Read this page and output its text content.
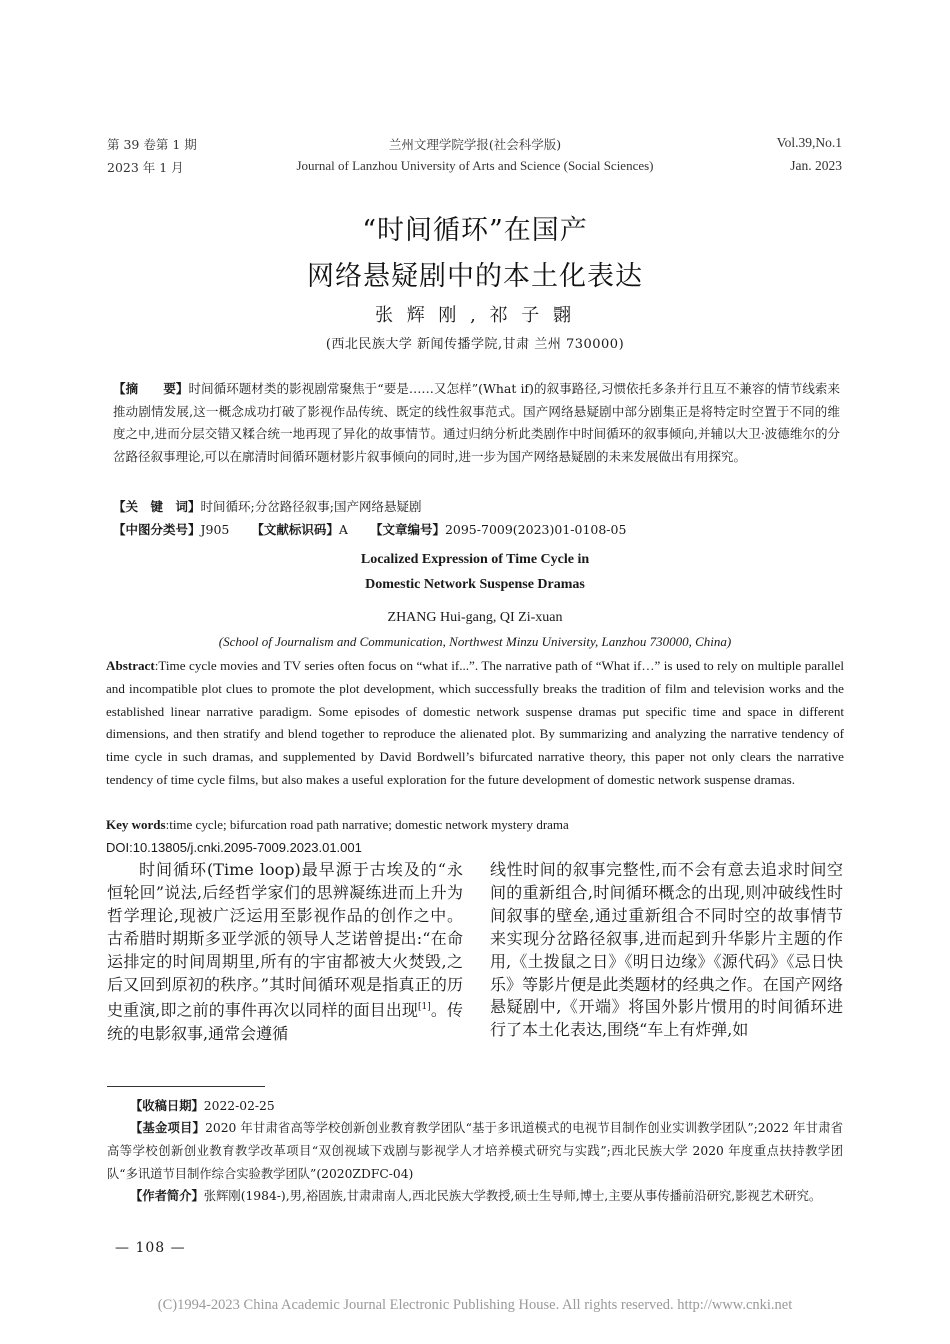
第 39 卷第 1 期
2023 年 1 月
兰州文理学院学报(社会科学版)
Journal of Lanzhou University of Arts and Science (Social Sciences)
Vol.39,No.1
Jan. 2023
“时间循环”在国产
网络悬疑剧中的本土化表达
张 辉 刚 , 祁 子 翾
(西北民族大学 新闻传播学院,甘肃 兰州 730000)
【摘　　要】时间循环题材类的影视剧常聚焦于“要是……又怎样”(What if)的叙事路径,习惯依托多条并行且互不兼容的情节线索来推动剧情发展,这一概念成功打破了影视作品传统、既定的线性叙事范式。国产网络悬疑剧中部分剧集正是将特定时空置于不同的维度之中,进而分层交错又糅合统一地再现了异化的故事情节。通过归纳分析此类剧作中时间循环的叙事倾向,并辅以大卫·波德维尔的分岔路径叙事理论,可以在廓清时间循环题材影片叙事倾向的同时,进一步为国产网络悬疑剧的未来发展做出有用探究。
【关　键　词】时间循环;分岔路径叙事;国产网络悬疑剧
【中图分类号】J905 【文献标识码】A 【文章编号】2095-7009(2023)01-0108-05
Localized Expression of Time Cycle in
Domestic Network Suspense Dramas
ZHANG Hui-gang, QI Zi-xuan
(School of Journalism and Communication, Northwest Minzu University, Lanzhou 730000, China)
Abstract:Time cycle movies and TV series often focus on “what if...”. The narrative path of “What if…” is used to rely on multiple parallel and incompatible plot clues to promote the plot development, which successfully breaks the tradition of film and television works and the established linear narrative paradigm. Some episodes of domestic network suspense dramas put specific time and space in different dimensions, and then stratify and blend together to reproduce the alienated plot. By summarizing and analyzing the narrative tendency of time cycle in such dramas, and supplemented by David Bordwell’s bifurcated narrative theory, this paper not only clears the narrative tendency of time cycle films, but also makes a useful exploration for the future development of domestic network suspense dramas.
Key words:time cycle; bifurcation road path narrative; domestic network mystery drama
DOI:10.13805/j.cnki.2095-7009.2023.01.001
时间循环(Time loop)最早源于古埃及的“永恒轮回”说法,后经哲学家们的思辨凝练进而上升为哲学理论,现被广泛运用至影视作品的创作之中。古希腊时期斯多亚学派的领导人芝诺曾提出:“在命运排定的时间周期里,所有的宇宙都被大火焚毁,之后又回到原初的秩序。”其时间循环观是指真正的历史重演,即之前的事件再次以同样的面目出现[1]。传统的电影叙事,通常会遵循
线性时间的叙事完整性,而不会有意去追求时间空间的重新组合,时间循环概念的出现,则冲破线性时间叙事的壁垒,通过重新组合不同时空的故事情节来实现分岔路径叙事,进而起到升华影片主题的作用,《土拨鼠之日》《明日边缘》《源代码》《忌日快乐》等影片便是此类题材的经典之作。在国产网络悬疑剧中,《开端》将国外影片惯用的时间循环进行了本土化表达,围绕“车上有炸弹,如
【收稿日期】2022-02-25
【基金项目】2020 年甘肃省高等学校创新创业教育教学团队“基于多讯道模式的电视节目制作创业实训教学团队”;2022 年甘肃省高等学校创新创业教育教学改革项目“双创视域下戏剧与影视学人才培养模式研究与实践”;西北民族大学 2020 年度重点扶持教学团队“多讯道节目制作综合实验教学团队”(2020ZDFC-04)
【作者简介】张辉刚(1984-),男,裕固族,甘肃肃南人,西北民族大学教授,硕士生导师,博士,主要从事传播前沿研究,影视艺术研究。
— 108 —
(C)1994-2023 China Academic Journal Electronic Publishing House. All rights reserved. http://www.cnki.net
